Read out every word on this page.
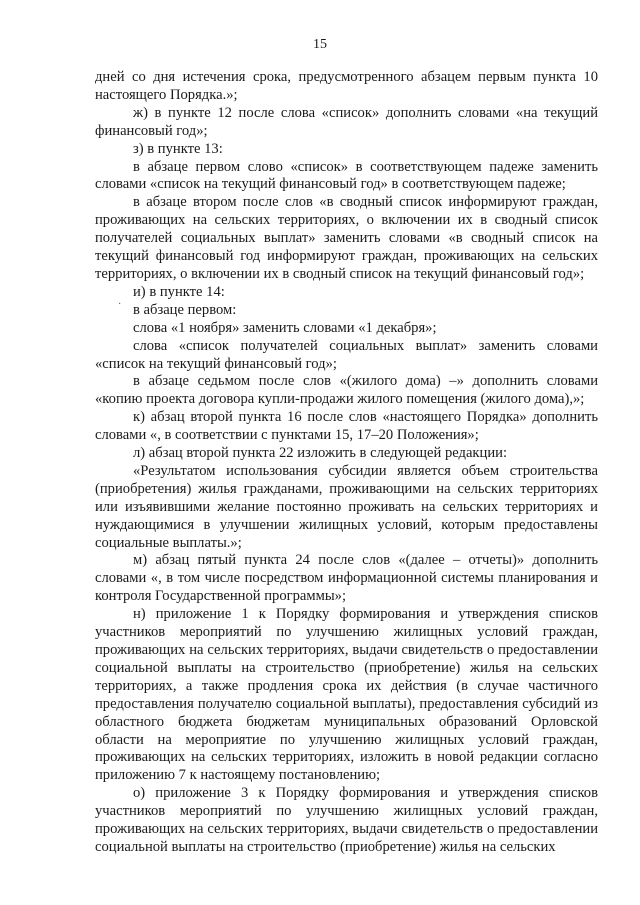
15
·

дней со дня истечения срока, предусмотренного абзацем первым пункта 10 настоящего Порядка.»;

ж) в пункте 12 после слова «список» дополнить словами «на текущий финансовый год»;

з) в пункте 13:

в абзаце первом слово «список» в соответствующем падеже заменить словами «список на текущий финансовый год» в соответствующем падеже;

в абзаце втором после слов «в сводный список информируют граждан, проживающих на сельских территориях, о включении их в сводный список получателей социальных выплат» заменить словами «в сводный список на текущий финансовый год информируют граждан, проживающих на сельских территориях, о включении их в сводный список на текущий финансовый год»;

и) в пункте 14:

в абзаце первом:

слова «1 ноября» заменить словами «1 декабря»;

слова «список получателей социальных выплат» заменить словами «список на текущий финансовый год»;

в абзаце седьмом после слов «(жилого дома) –» дополнить словами «копию проекта договора купли-продажи жилого помещения (жилого дома),»;

к) абзац второй пункта 16 после слов «настоящего Порядка» дополнить словами «, в соответствии с пунктами 15, 17–20 Положения»;

л) абзац второй пункта 22 изложить в следующей редакции:

«Результатом использования субсидии является объем строительства (приобретения) жилья гражданами, проживающими на сельских территориях или изъявившими желание постоянно проживать на сельских территориях и нуждающимися в улучшении жилищных условий, которым предоставлены социальные выплаты.»;

м) абзац пятый пункта 24 после слов «(далее – отчеты)» дополнить словами «, в том числе посредством информационной системы планирования и контроля Государственной программы»;

н) приложение 1 к Порядку формирования и утверждения списков участников мероприятий по улучшению жилищных условий граждан, проживающих на сельских территориях, выдачи свидетельств о предоставлении социальной выплаты на строительство (приобретение) жилья на сельских территориях, а также продления срока их действия (в случае частичного предоставления получателю социальной выплаты), предоставления субсидий из областного бюджета бюджетам муниципальных образований Орловской области на мероприятие по улучшению жилищных условий граждан, проживающих на сельских территориях, изложить в новой редакции согласно приложению 7 к настоящему постановлению;

о) приложение 3 к Порядку формирования и утверждения списков участников мероприятий по улучшению жилищных условий граждан, проживающих на сельских территориях, выдачи свидетельств о предоставлении социальной выплаты на строительство (приобретение) жилья на сельских
